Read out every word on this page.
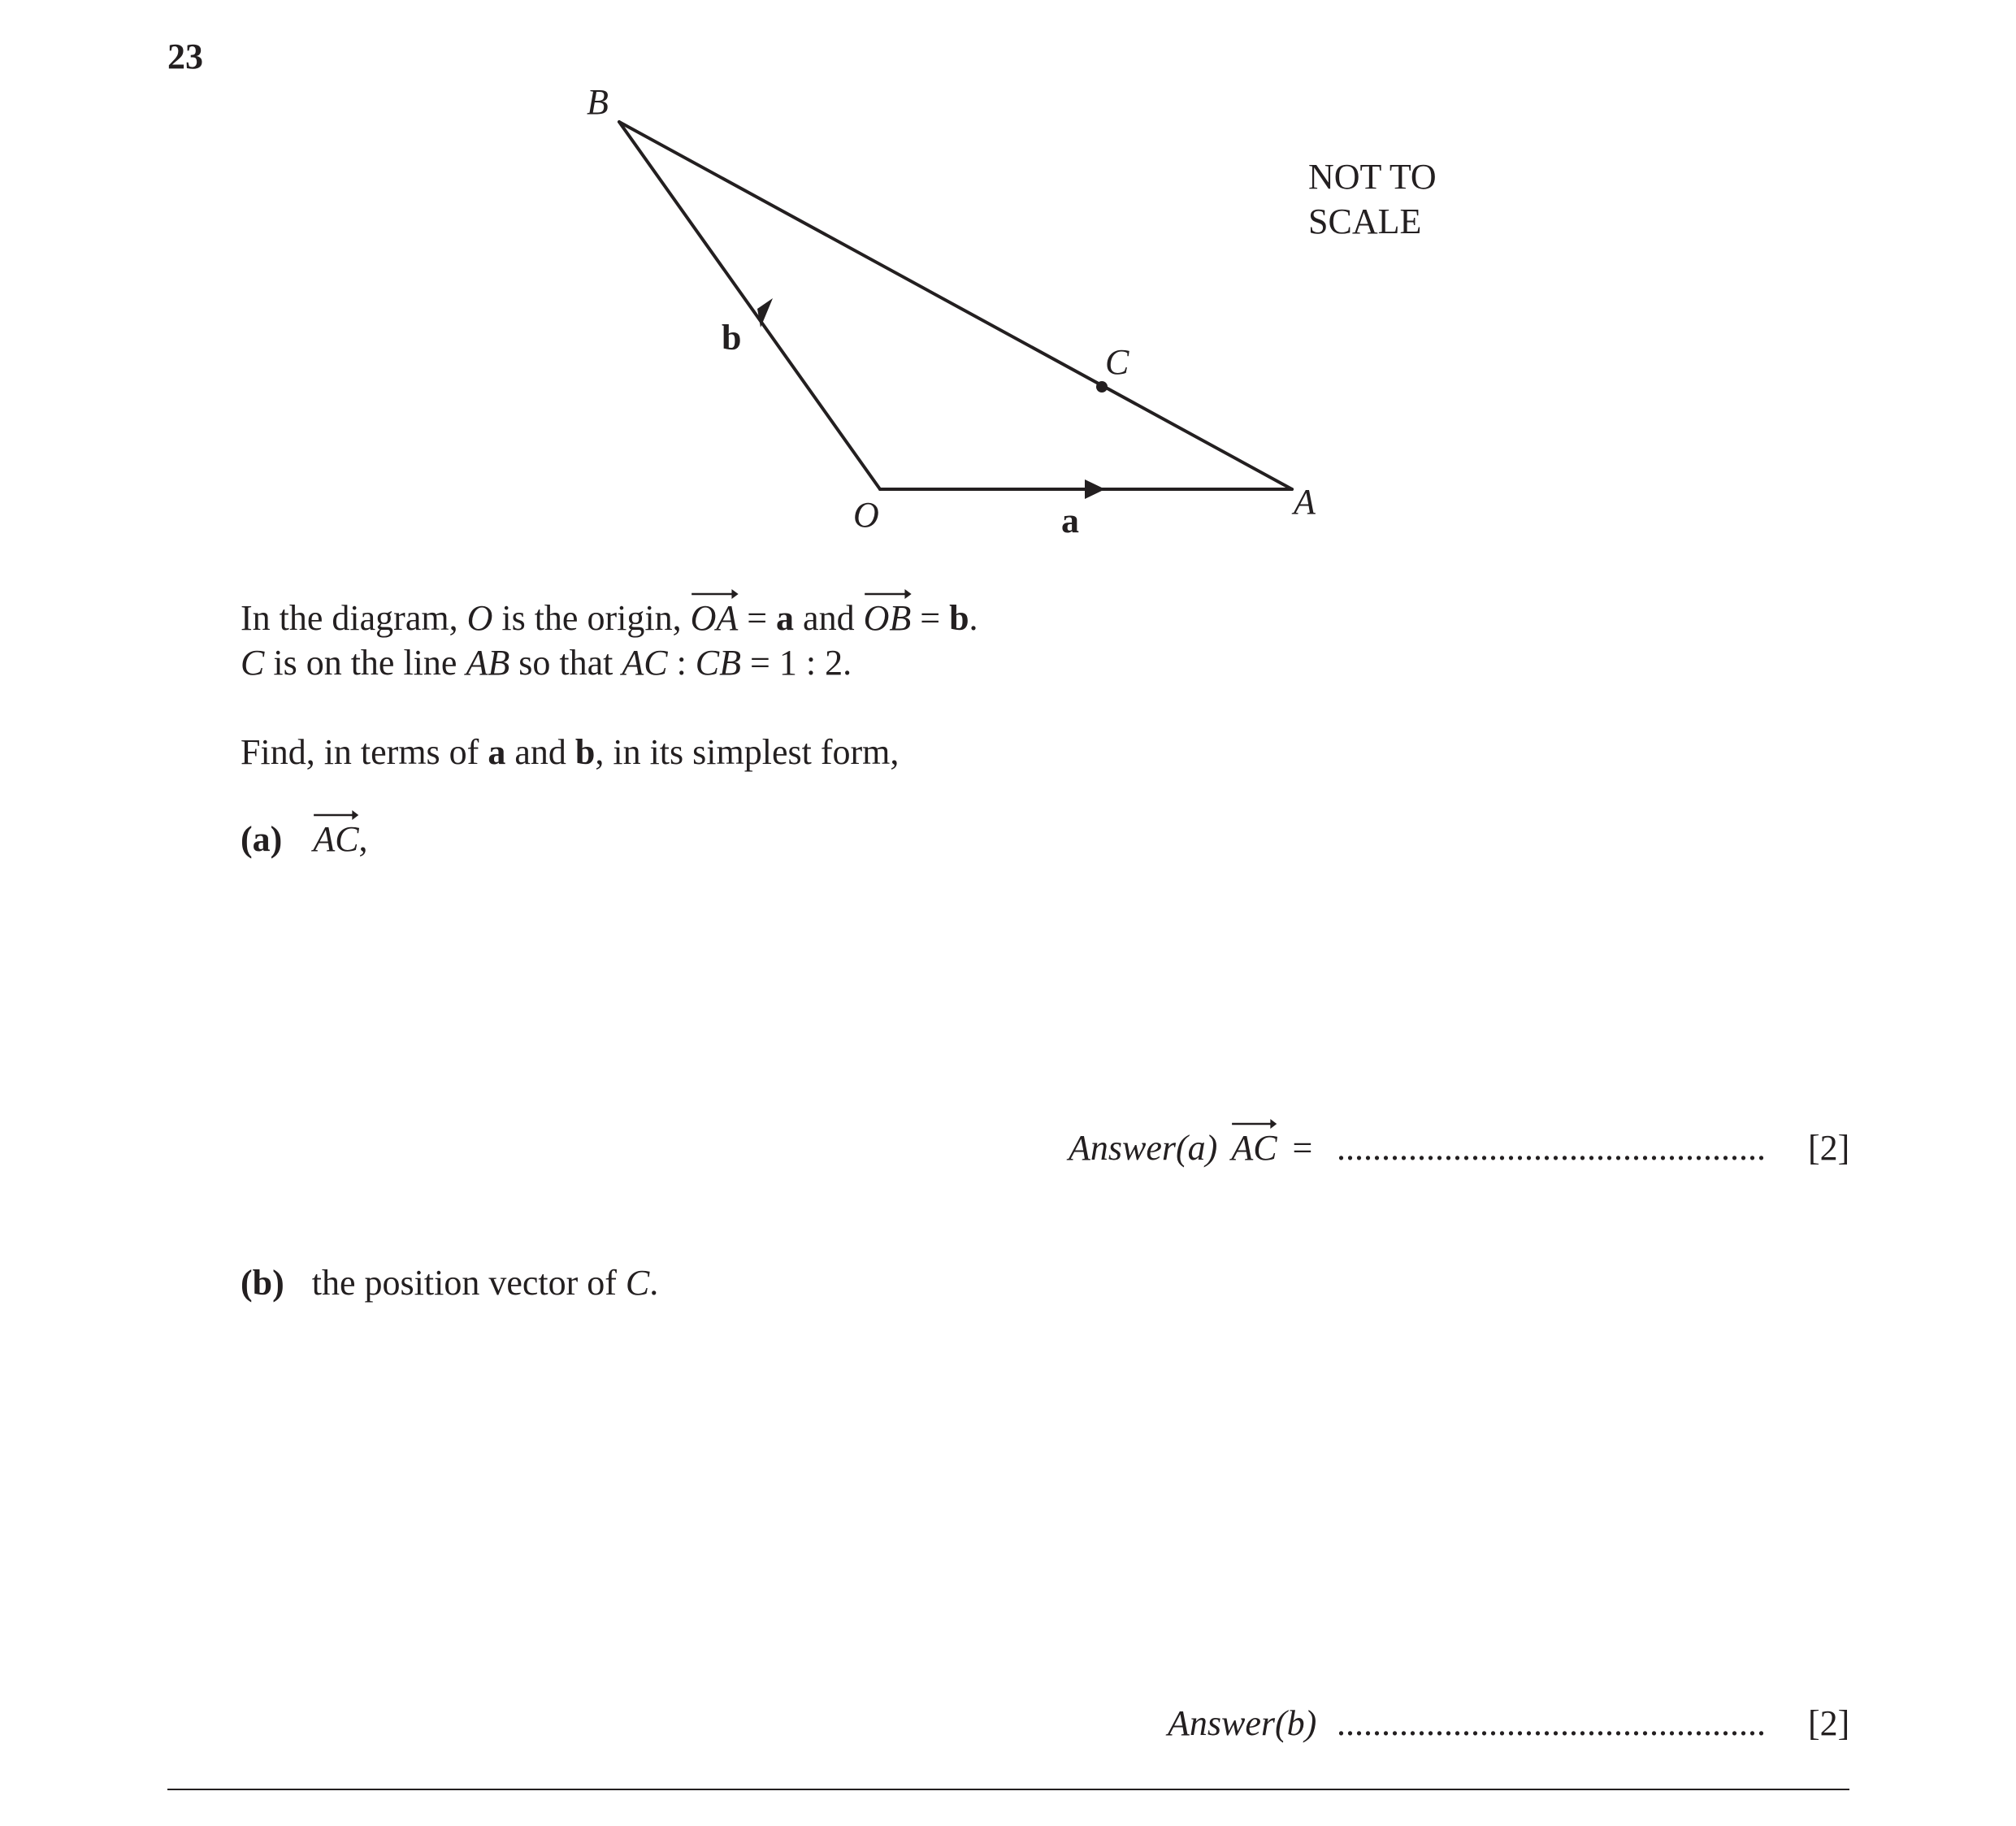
23
B
C
O	A
b
a
NOT TO
SCALE
In the diagram, O is the origin,
OA = a and
OB = b.
C is on the line AB so that AC : CB = 1 : 2.
Find, in terms of a and b, in its simplest form,
(a) AC,
Answer(a) AC = ................................................ [2]
(b) the position vector of C.
Answer(b) ................................................ [2]
